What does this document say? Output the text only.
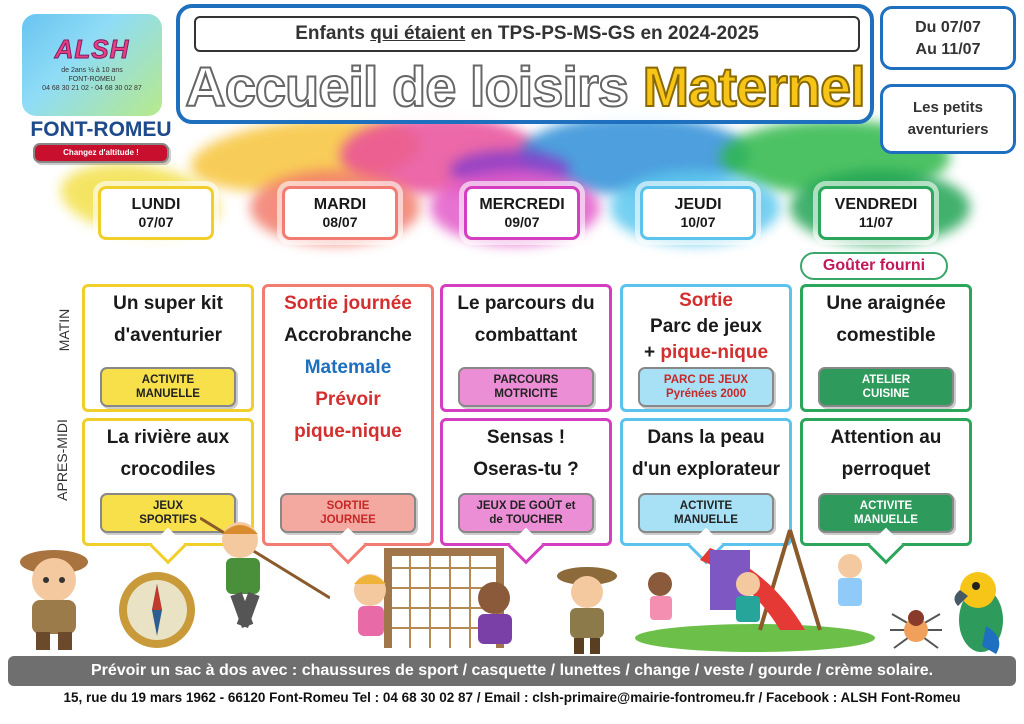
ALSH
de 2ans ½ à 10 ans
FONT-ROMEU
04 68 30 21 02 - 04 68 30 02 87
FONT-ROMEU
Changez d'altitude !
Enfants qui étaient en TPS-PS-MS-GS en 2024-2025
Accueil de loisirs Maternel
Du 07/07
Au 11/07
Les petits
aventuriers
LUNDI
07/07
MARDI
08/07
MERCREDI
09/07
JEUDI
10/07
VENDREDI
11/07
Goûter fourni
MATIN
APRES-MIDI
Un super kit
d'aventurier
ACTIVITE
MANUELLE
Sortie journée
Accrobranche
Matemale
Prévoir
pique-nique
SORTIE
JOURNEE
Le parcours du
combattant
PARCOURS
MOTRICITE
Sortie
Parc de jeux
+ pique-nique
PARC DE JEUX
Pyrénées 2000
Une araignée
comestible
ATELIER
CUISINE
La rivière aux
crocodiles
JEUX
SPORTIFS
Sensas !
Oseras-tu ?
JEUX DE GOÛT et
de TOUCHER
Dans la peau
d'un explorateur
ACTIVITE
MANUELLE
Attention au
perroquet
ACTIVITE
MANUELLE
Prévoir un sac à dos avec : chaussures de sport / casquette / lunettes / change / veste / gourde / crème solaire.
15, rue du 19 mars 1962 - 66120 Font-Romeu Tel : 04 68 30 02 87 / Email : clsh-primaire@mairie-fontromeu.fr / Facebook : ALSH Font-Romeu
